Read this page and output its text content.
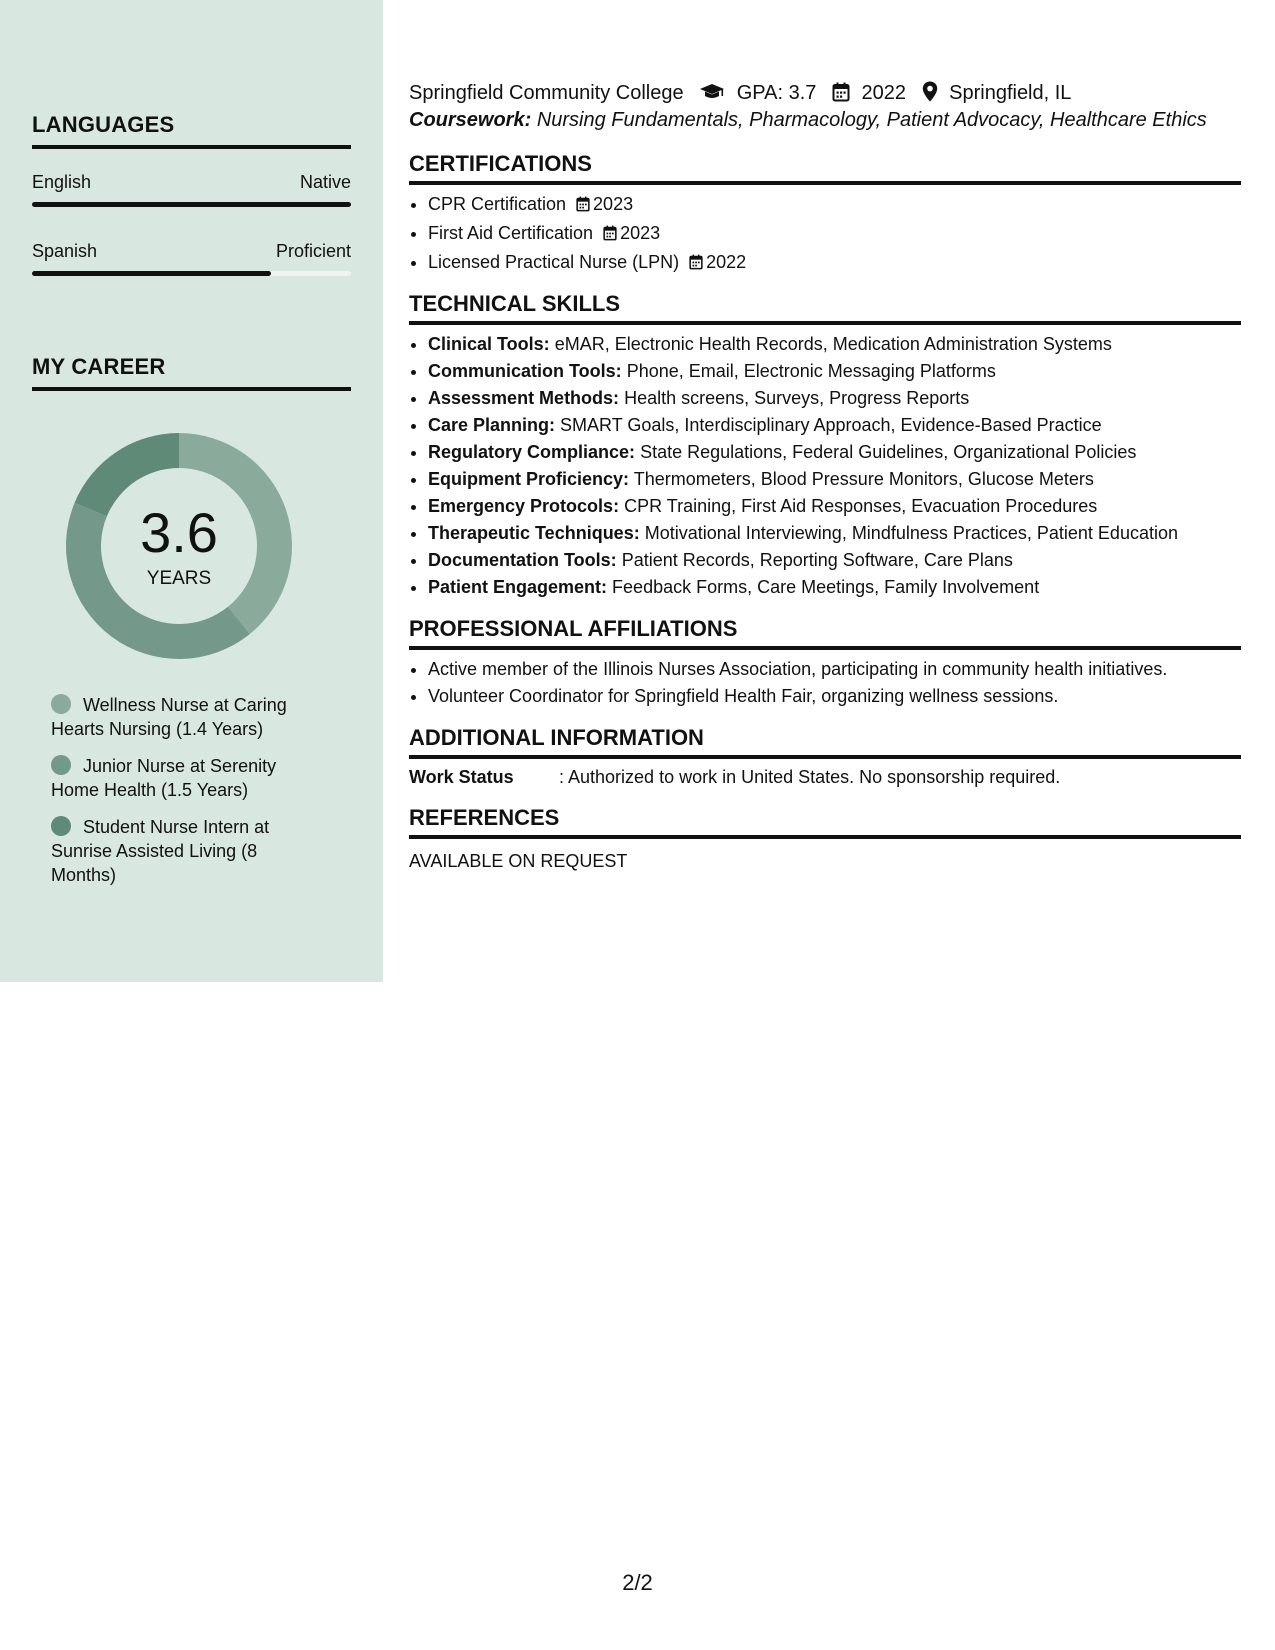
LANGUAGES
English	Native
Spanish	Proficient
MY CAREER
3.6
YEARS
Wellness Nurse at Caring Hearts Nursing (1.4 Years)
Junior Nurse at Serenity Home Health (1.5 Years)
Student Nurse Intern at Sunrise Assisted Living (8 Months)
Springfield Community College	GPA: 3.7 2022 Springfield, IL
Coursework: Nursing Fundamentals, Pharmacology, Patient Advocacy, Healthcare Ethics
CERTIFICATIONS
• CPR Certification 2023
• First Aid Certification 2023
• Licensed Practical Nurse (LPN) 2022
TECHNICAL SKILLS
• Clinical Tools: eMAR, Electronic Health Records, Medication Administration Systems
• Communication Tools: Phone, Email, Electronic Messaging Platforms
• Assessment Methods: Health screens, Surveys, Progress Reports
• Care Planning: SMART Goals, Interdisciplinary Approach, Evidence-Based Practice
• Regulatory Compliance: State Regulations, Federal Guidelines, Organizational Policies
• Equipment Proficiency: Thermometers, Blood Pressure Monitors, Glucose Meters
• Emergency Protocols: CPR Training, First Aid Responses, Evacuation Procedures
• Therapeutic Techniques: Motivational Interviewing, Mindfulness Practices, Patient Education
• Documentation Tools: Patient Records, Reporting Software, Care Plans
• Patient Engagement: Feedback Forms, Care Meetings, Family Involvement
PROFESSIONAL AFFILIATIONS
• Active member of the Illinois Nurses Association, participating in community health initiatives.
• Volunteer Coordinator for Springfield Health Fair, organizing wellness sessions.
ADDITIONAL INFORMATION
Work Status	: Authorized to work in United States. No sponsorship required.
REFERENCES
AVAILABLE ON REQUEST
2/2
